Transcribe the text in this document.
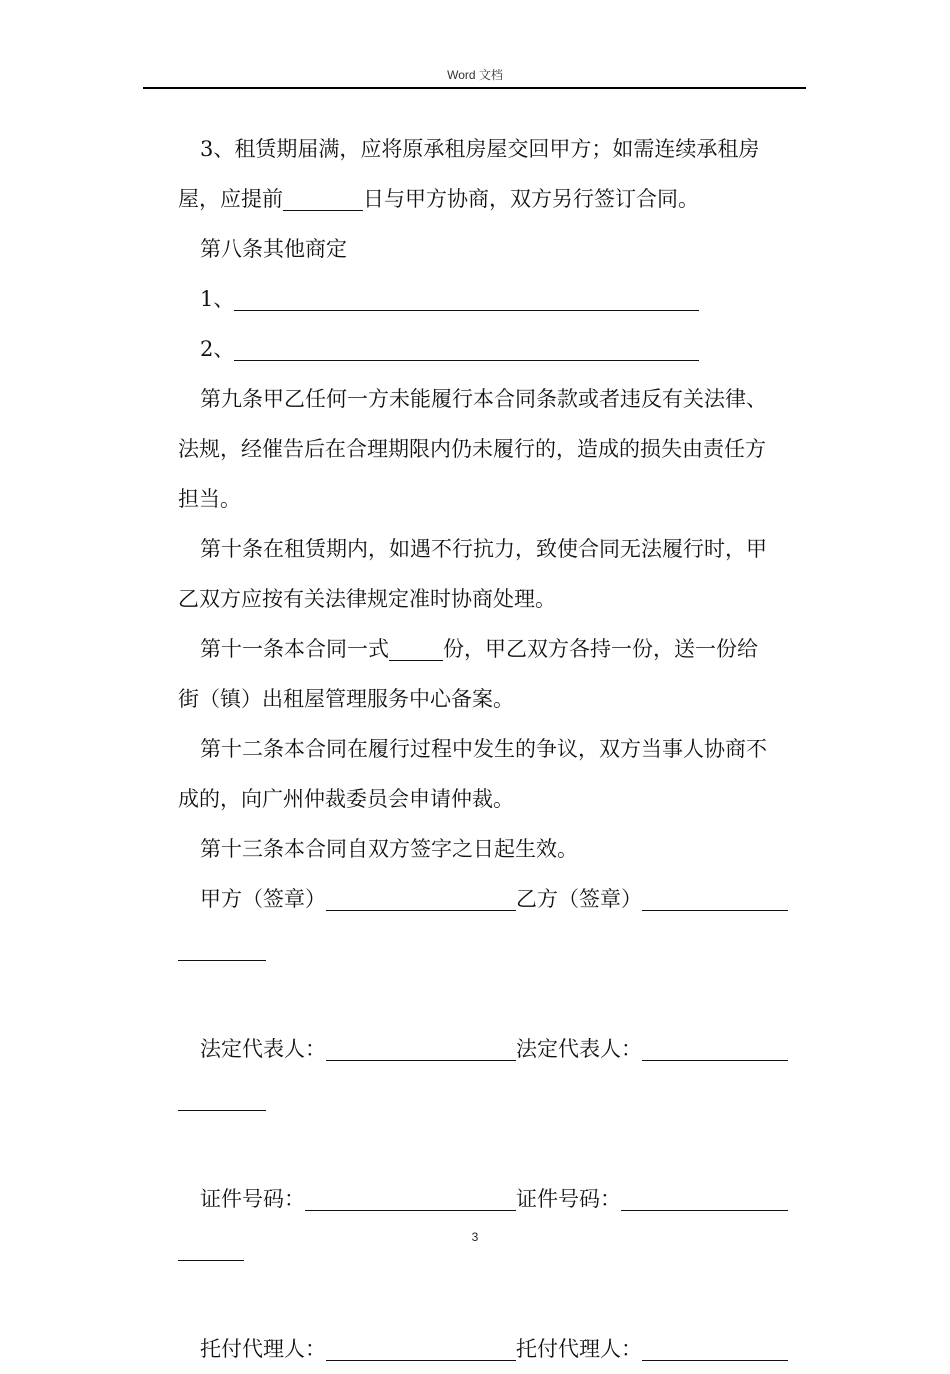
Word 文档

3、租赁期届满，应将原承租房屋交回甲方；如需连续承租房

屋，应提前	日与甲方协商，双方另行签订合同。

第八条其他商定

1、

2、

第九条甲乙任何一方未能履行本合同条款或者违反有关法律、

法规，经催告后在合理期限内仍未履行的，造成的损失由责任方

担当。

第十条在租赁期内，如遇不行抗力，致使合同无法履行时，甲

乙双方应按有关法律规定准时协商处理。

第十一条本合同一式	份，甲乙双方各持一份，送一份给

街（镇）出租屋管理服务中心备案。

第十二条本合同在履行过程中发生的争议，双方当事人协商不

成的，向广州仲裁委员会申请仲裁。

第十三条本合同自双方签字之日起生效。

甲方（签章）	乙方（签章）

法定代表人：	法定代表人：

证件号码：	证件号码：

托付代理人：	托付代理人：

3
